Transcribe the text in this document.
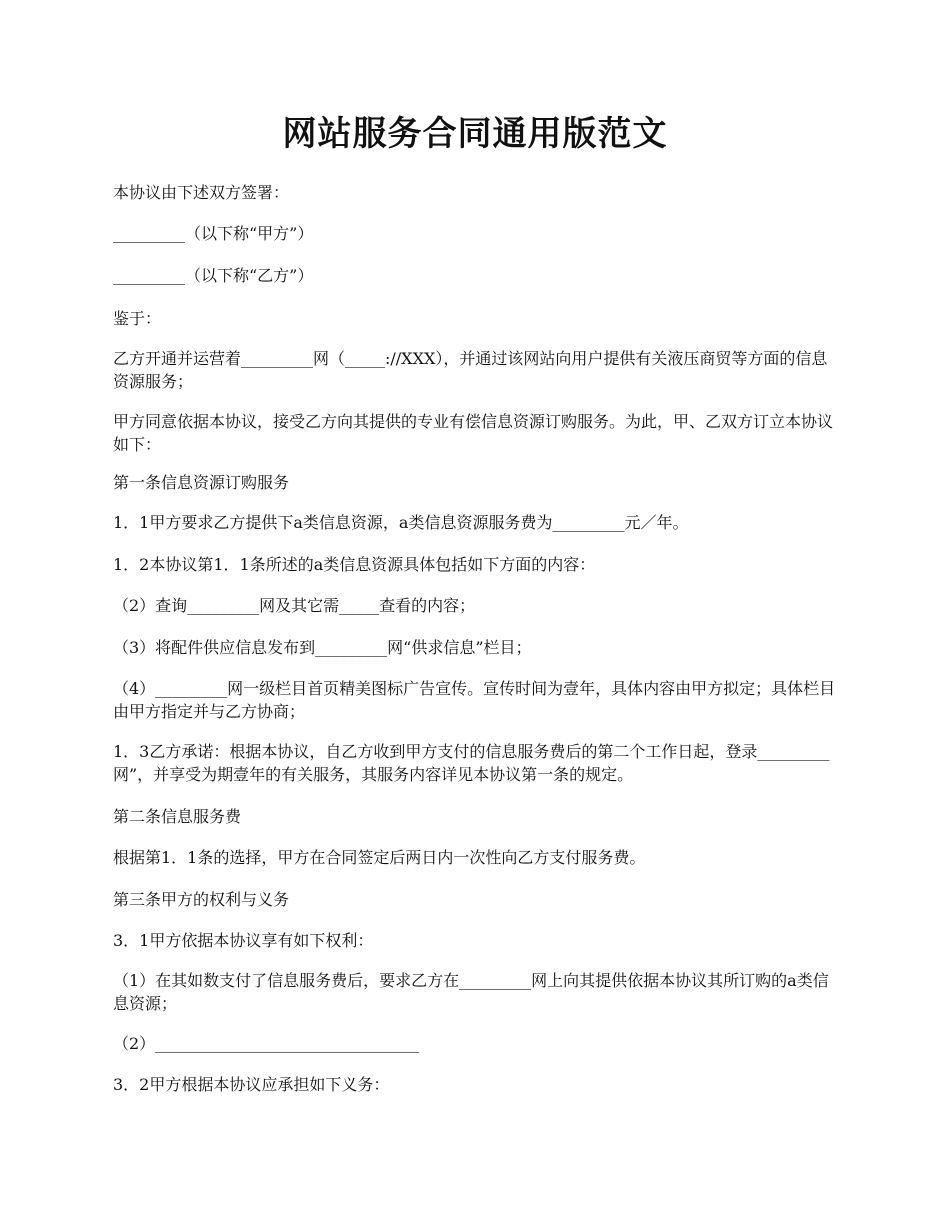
网站服务合同通用版范文

本协议由下述双方签署：

_________（以下称“甲方”）

_________（以下称“乙方”）

鉴于：

乙方开通并运营着_________网（_____://XXX），并通过该网站向用户提供有关液压商贸等方面的信息资源服务；

甲方同意依据本协议，接受乙方向其提供的专业有偿信息资源订购服务。为此，甲、乙双方订立本协议如下：

第一条信息资源订购服务

1．1甲方要求乙方提供下a类信息资源，a类信息资源服务费为_________元／年。

1．2本协议第1．1条所述的a类信息资源具体包括如下方面的内容：

（2）查询_________网及其它需_____查看的内容；

（3）将配件供应信息发布到_________网“供求信息”栏目；

（4）_________网一级栏目首页精美图标广告宣传。宣传时间为壹年，具体内容由甲方拟定；具体栏目由甲方指定并与乙方协商；

1．3乙方承诺：根据本协议，自乙方收到甲方支付的信息服务费后的第二个工作日起，登录_________网”，并享受为期壹年的有关服务，其服务内容详见本协议第一条的规定。

第二条信息服务费

根据第1．1条的选择，甲方在合同签定后两日内一次性向乙方支付服务费。

第三条甲方的权利与义务

3．1甲方依据本协议享有如下权利：

（1）在其如数支付了信息服务费后，要求乙方在_________网上向其提供依据本协议其所订购的a类信息资源；

（2）_________________________________

3．2甲方根据本协议应承担如下义务：
